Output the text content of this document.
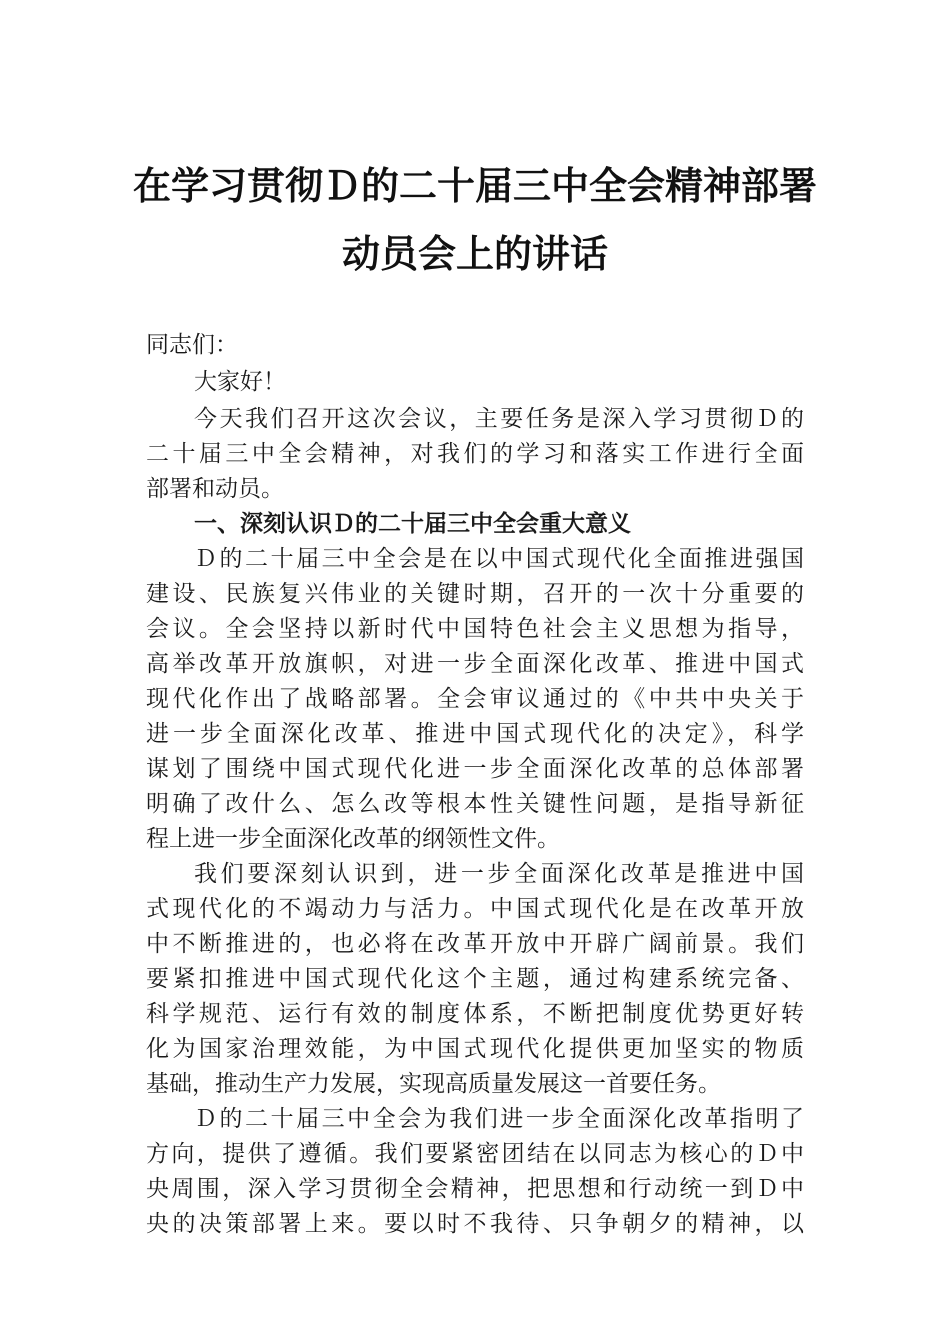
在学习贯彻Ｄ的二十届三中全会精神部署
动员会上的讲话
同志们：
大家好！
今天我们召开这次会议，主要任务是深入学习贯彻Ｄ的
二十届三中全会精神，对我们的学习和落实工作进行全面
部署和动员。
一、深刻认识Ｄ的二十届三中全会重大意义
Ｄ的二十届三中全会是在以中国式现代化全面推进强国
建设、民族复兴伟业的关键时期，召开的一次十分重要的
会议。全会坚持以新时代中国特色社会主义思想为指导，
高举改革开放旗帜，对进一步全面深化改革、推进中国式
现代化作出了战略部署。全会审议通过的《中共中央关于
进一步全面深化改革、推进中国式现代化的决定》，科学
谋划了围绕中国式现代化进一步全面深化改革的总体部署
明确了改什么、怎么改等根本性关键性问题，是指导新征
程上进一步全面深化改革的纲领性文件。
我们要深刻认识到，进一步全面深化改革是推进中国
式现代化的不竭动力与活力。中国式现代化是在改革开放
中不断推进的，也必将在改革开放中开辟广阔前景。我们
要紧扣推进中国式现代化这个主题，通过构建系统完备、
科学规范、运行有效的制度体系，不断把制度优势更好转
化为国家治理效能，为中国式现代化提供更加坚实的物质
基础，推动生产力发展，实现高质量发展这一首要任务。
Ｄ的二十届三中全会为我们进一步全面深化改革指明了
方向，提供了遵循。我们要紧密团结在以同志为核心的Ｄ中
央周围，深入学习贯彻全会精神，把思想和行动统一到Ｄ中
央的决策部署上来。要以时不我待、只争朝夕的精神，以
